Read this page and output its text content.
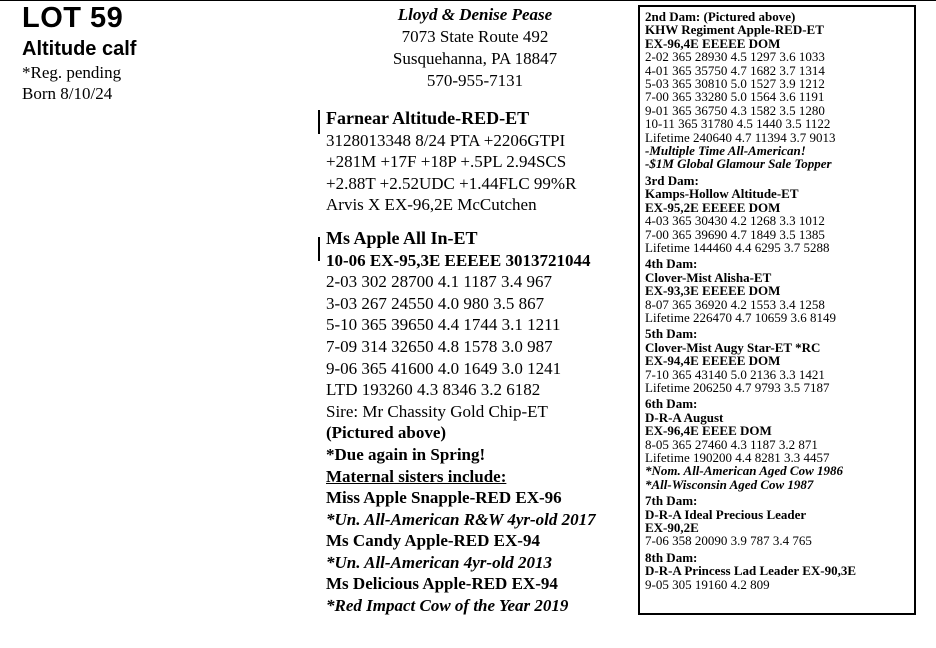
LOT 59
Altitude calf
*Reg. pending
Born 8/10/24
Lloyd & Denise Pease
7073 State Route 492
Susquehanna, PA 18847
570-955-7131
Farnear Altitude-RED-ET
3128013348 8/24 PTA +2206GTPI
+281M +17F +18P +.5PL 2.94SCS
+2.88T +2.52UDC +1.44FLC 99%R
Arvis X EX-96,2E McCutchen
Ms Apple All In-ET
10-06 EX-95,3E EEEEE 3013721044
2-03 302 28700 4.1 1187 3.4 967
3-03 267 24550 4.0 980 3.5 867
5-10 365 39650 4.4 1744 3.1 1211
7-09 314 32650 4.8 1578 3.0 987
9-06 365 41600 4.0 1649 3.0 1241
LTD 193260 4.3 8346 3.2 6182
Sire: Mr Chassity Gold Chip-ET
(Pictured above)
*Due again in Spring!
Maternal sisters include:
Miss Apple Snapple-RED EX-96
*Un. All-American R&W 4yr-old 2017
Ms Candy Apple-RED EX-94
*Un. All-American 4yr-old 2013
Ms Delicious Apple-RED EX-94
*Red Impact Cow of the Year 2019
2nd Dam: (Pictured above)
KHW Regiment Apple-RED-ET
EX-96,4E EEEEE DOM
2-02 365 28930 4.5 1297 3.6 1033
4-01 365 35750 4.7 1682 3.7 1314
5-03 365 30810 5.0 1527 3.9 1212
7-00 365 33280 5.0 1564 3.6 1191
9-01 365 36750 4.3 1582 3.5 1280
10-11 365 31780 4.5 1440 3.5 1122
Lifetime 240640 4.7 11394 3.7 9013
-Multiple Time All-American!
-$1M Global Glamour Sale Topper
3rd Dam:
Kamps-Hollow Altitude-ET
EX-95,2E EEEEE DOM
4-03 365 30430 4.2 1268 3.3 1012
7-00 365 39690 4.7 1849 3.5 1385
Lifetime 144460 4.4 6295 3.7 5288
4th Dam:
Clover-Mist Alisha-ET
EX-93,3E EEEEE DOM
8-07 365 36920 4.2 1553 3.4 1258
Lifetime 226470 4.7 10659 3.6 8149
5th Dam:
Clover-Mist Augy Star-ET *RC
EX-94,4E EEEEE DOM
7-10 365 43140 5.0 2136 3.3 1421
Lifetime 206250 4.7 9793 3.5 7187
6th Dam:
D-R-A August
EX-96,4E EEEE DOM
8-05 365 27460 4.3 1187 3.2 871
Lifetime 190200 4.4 8281 3.3 4457
*Nom. All-American Aged Cow 1986
*All-Wisconsin Aged Cow 1987
7th Dam:
D-R-A Ideal Precious Leader
EX-90,2E
7-06 358 20090 3.9 787 3.4 765
8th Dam:
D-R-A Princess Lad Leader EX-90,3E
9-05 305 19160 4.2 809
